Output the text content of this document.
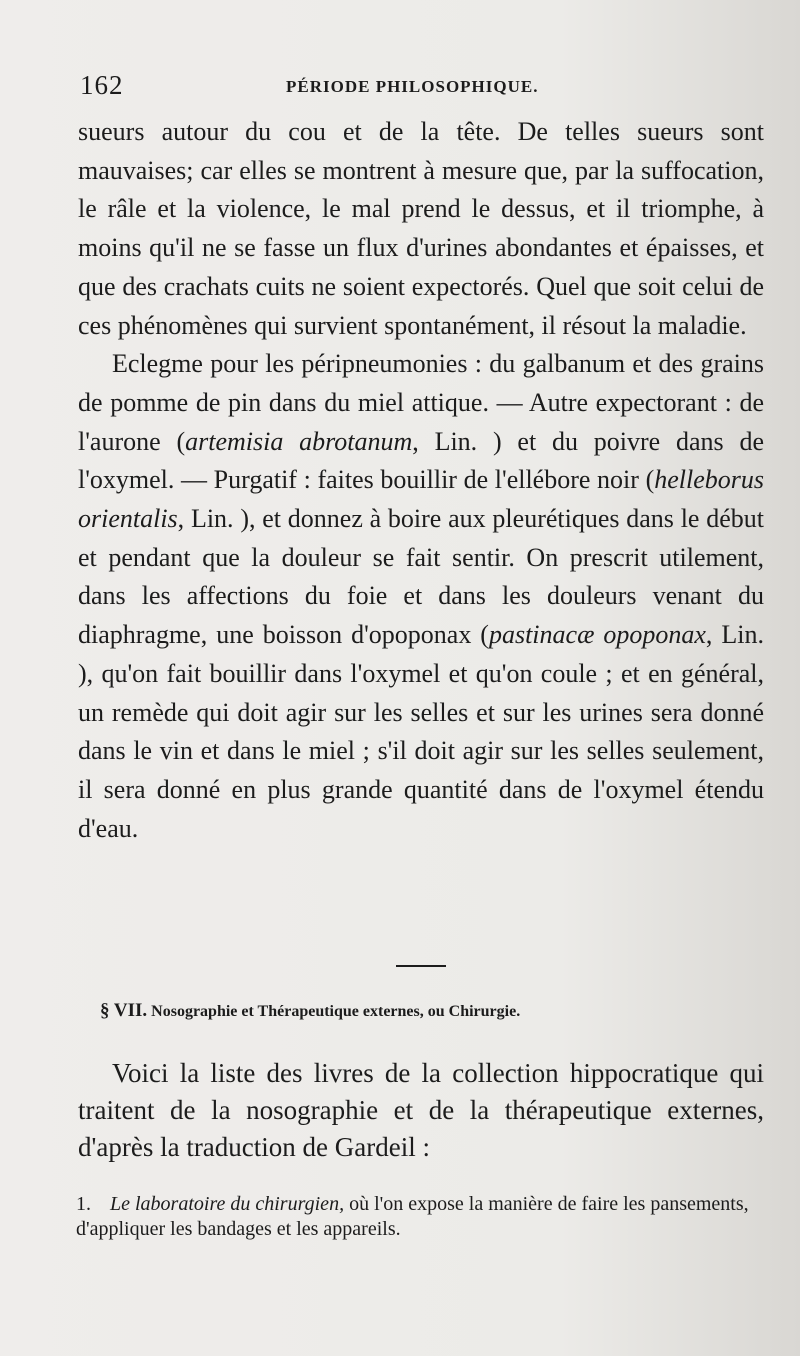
162	PÉRIODE PHILOSOPHIQUE.

sueurs autour du cou et de la tête. De telles sueurs sont mauvaises; car elles se montrent à mesure que, par la suffocation, le râle et la violence, le mal prend le dessus, et il triomphe, à moins qu'il ne se fasse un flux d'urines abondantes et épaisses, et que des crachats cuits ne soient expectorés. Quel que soit celui de ces phénomènes qui survient spontanément, il résout la maladie.

Eclegme pour les péripneumonies : du galbanum et des grains de pomme de pin dans du miel attique. — Autre expectorant : de l'aurone (artemisia abrotanum, Lin. ) et du poivre dans de l'oxymel. — Purgatif : faites bouillir de l'ellébore noir (helleborus orientalis, Lin. ), et donnez à boire aux pleurétiques dans le début et pendant que la douleur se fait sentir. On prescrit utilement, dans les affections du foie et dans les douleurs venant du diaphragme, une boisson d'opoponax (pastinacæ opoponax, Lin. ), qu'on fait bouillir dans l'oxymel et qu'on coule ; et en général, un remède qui doit agir sur les selles et sur les urines sera donné dans le vin et dans le miel ; s'il doit agir sur les selles seulement, il sera donné en plus grande quantité dans de l'oxymel étendu d'eau.

§ VII. Nosographie et Thérapeutique externes, ou Chirurgie.

Voici la liste des livres de la collection hippocratique qui traitent de la nosographie et de la thérapeutique externes, d'après la traduction de Gardeil :

1. Le laboratoire du chirurgien, où l'on expose la manière de faire les pansements, d'appliquer les bandages et les appareils.
